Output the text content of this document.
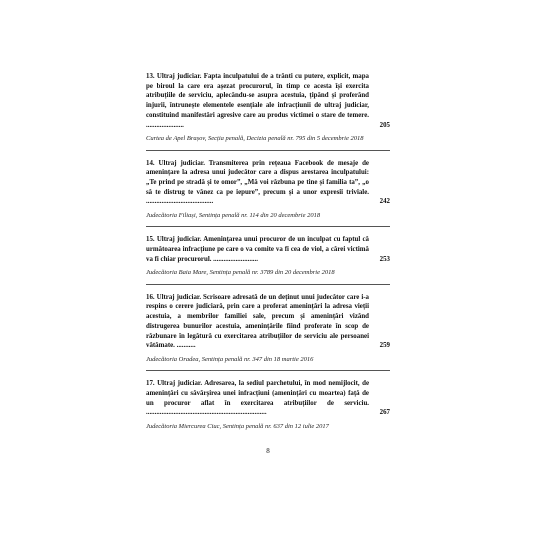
13. Ultraj judiciar. Fapta inculpatului de a trânti cu putere, explicit, mapa pe biroul la care era așezat procurorul, în timp ce acesta își exercita atribuțiile de serviciu, aplecându-se asupra acestuia, țipând și proferând injurii, întrunește elementele esențiale ale infracțiunii de ultraj judiciar, constituind manifestări agresive care au produs victimei o stare de temere. ......................	205
Curtea de Apel Brașov, Secția penală, Decizia penală nr. 795 din 5 decembrie 2018
14. Ultraj judiciar. Transmiterea prin rețeaua Facebook de mesaje de amenințare la adresa unui judecător care a dispus arestarea inculpatului: „Te prind pe stradă și te omor”, „Mă voi răzbuna pe tine și familia ta”, „o să te distrug te vânez ca pe iepure”, precum și a unor expresii triviale. .......................................	242
Judecătoria Filiași, Sentința penală nr. 114 din 20 decembrie 2018
15. Ultraj judiciar. Amenințarea unui procuror de un inculpat cu faptul că următoarea infracțiune pe care o va comite va fi cea de viol, a cărei victimă va fi chiar procurorul. ..........................	253
Judecătoria Baia Mare, Sentința penală nr. 3789 din 20 decembrie 2018
16. Ultraj judiciar. Scrisoare adresată de un deținut unui judecător care i-a respins o cerere judiciară, prin care a proferat amenințări la adresa vieții acestuia, a membrilor familiei sale, precum și amenințări vizând distrugerea bunurilor acestuia, amenințările fiind proferate în scop de răzbunare în legătură cu exercitarea atribuțiilor de serviciu ale persoanei vătămate. ...........	259
Judecătoria Oradea, Sentința penală nr. 347 din 18 martie 2016
17. Ultraj judiciar. Adresarea, la sediul parchetului, în mod nemijlocit, de amenințări cu săvârșirea unei infracțiuni (amenințări cu moartea) față de un procuror aflat în exercitarea atribuțiilor de serviciu. ......................................................................	267
Judecătoria Miercurea Ciuc, Sentința penală nr. 637 din 12 iulie 2017
8
